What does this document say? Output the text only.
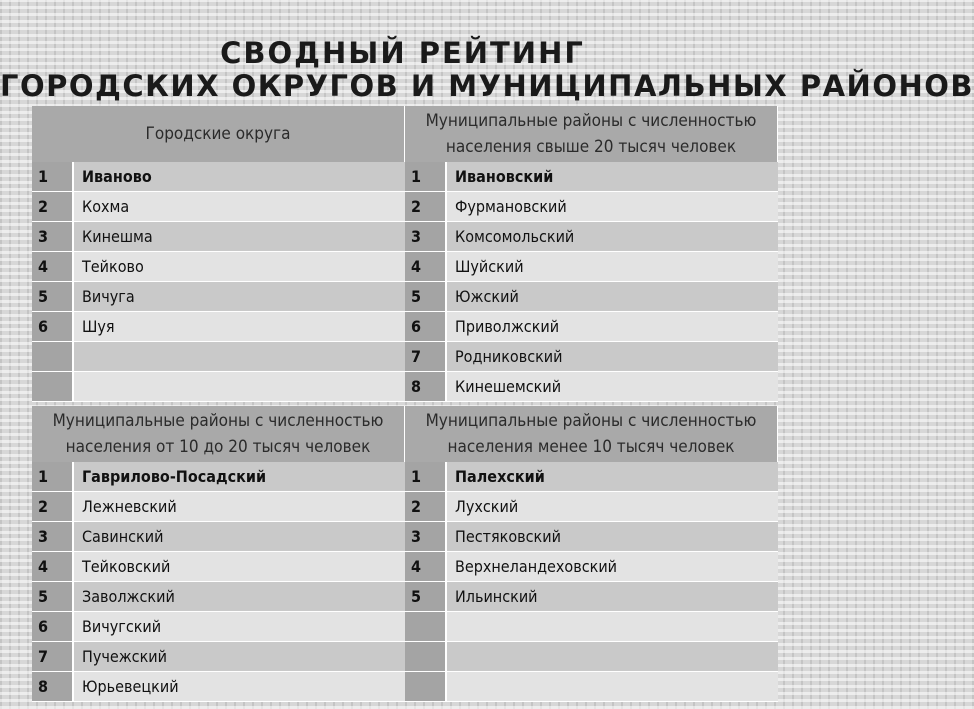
СВОДНЫЙ РЕЙТИНГ
ГОРОДСКИХ ОКРУГОВ И МУНИЦИПАЛЬНЫХ РАЙОНОВ
Городские округа
1	Иваново
2	Кохма
3	Кинешма
4	Тейково
5	Вичуга
6	Шуя
Муниципальные районы с численностью населения свыше 20 тысяч человек
1	Ивановский
2	Фурмановский
3	Комсомольский
4	Шуйский
5	Южский
6	Приволжский
7	Родниковский
8	Кинешемский
Муниципальные районы с численностью населения от 10 до 20 тысяч человек
1	Гаврилово-Посадский
2	Лежневский
3	Савинский
4	Тейковский
5	Заволжский
6	Вичугский
7	Пучежский
8	Юрьевецкий
Муниципальные районы с численностью населения менее 10 тысяч человек
1	Палехский
2	Лухский
3	Пестяковский
4	Верхнеландеховский
5	Ильинский
